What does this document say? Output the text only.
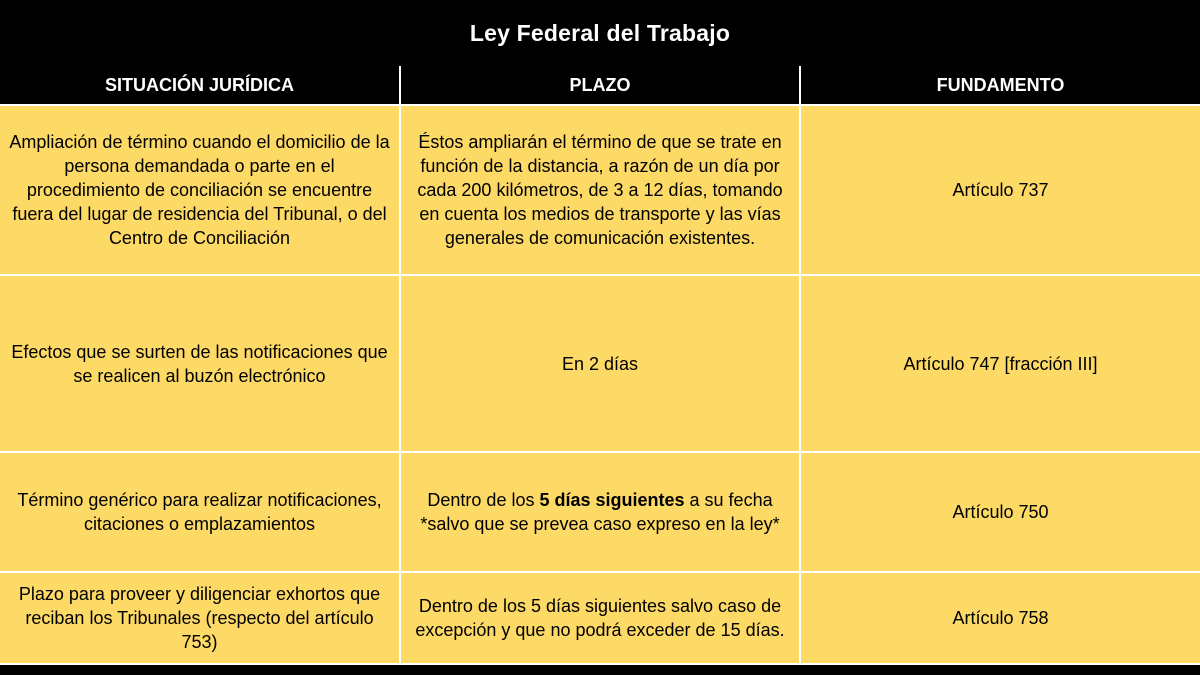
Ley Federal del Trabajo
SITUACIÓN JURÍDICA	PLAZO	FUNDAMENTO
Ampliación de término cuando el domicilio de la persona demandada o parte en el procedimiento de conciliación se encuentre fuera del lugar de residencia del Tribunal, o del Centro de Conciliación	Éstos ampliarán el término de que se trate en función de la distancia, a razón de un día por cada 200 kilómetros, de 3 a 12 días, tomando en cuenta los medios de transporte y las vías generales de comunicación existentes.	Artículo 737
Efectos que se surten de las notificaciones que se realicen al buzón electrónico	En 2 días	Artículo 747 [fracción III]
Término genérico para realizar notificaciones, citaciones o emplazamientos	Dentro de los 5 días siguientes a su fecha *salvo que se prevea caso expreso en la ley*	Artículo 750
Plazo para proveer y diligenciar exhortos que reciban los Tribunales (respecto del artículo 753)	Dentro de los 5 días siguientes salvo caso de excepción y que no podrá exceder de 15 días.	Artículo 758
